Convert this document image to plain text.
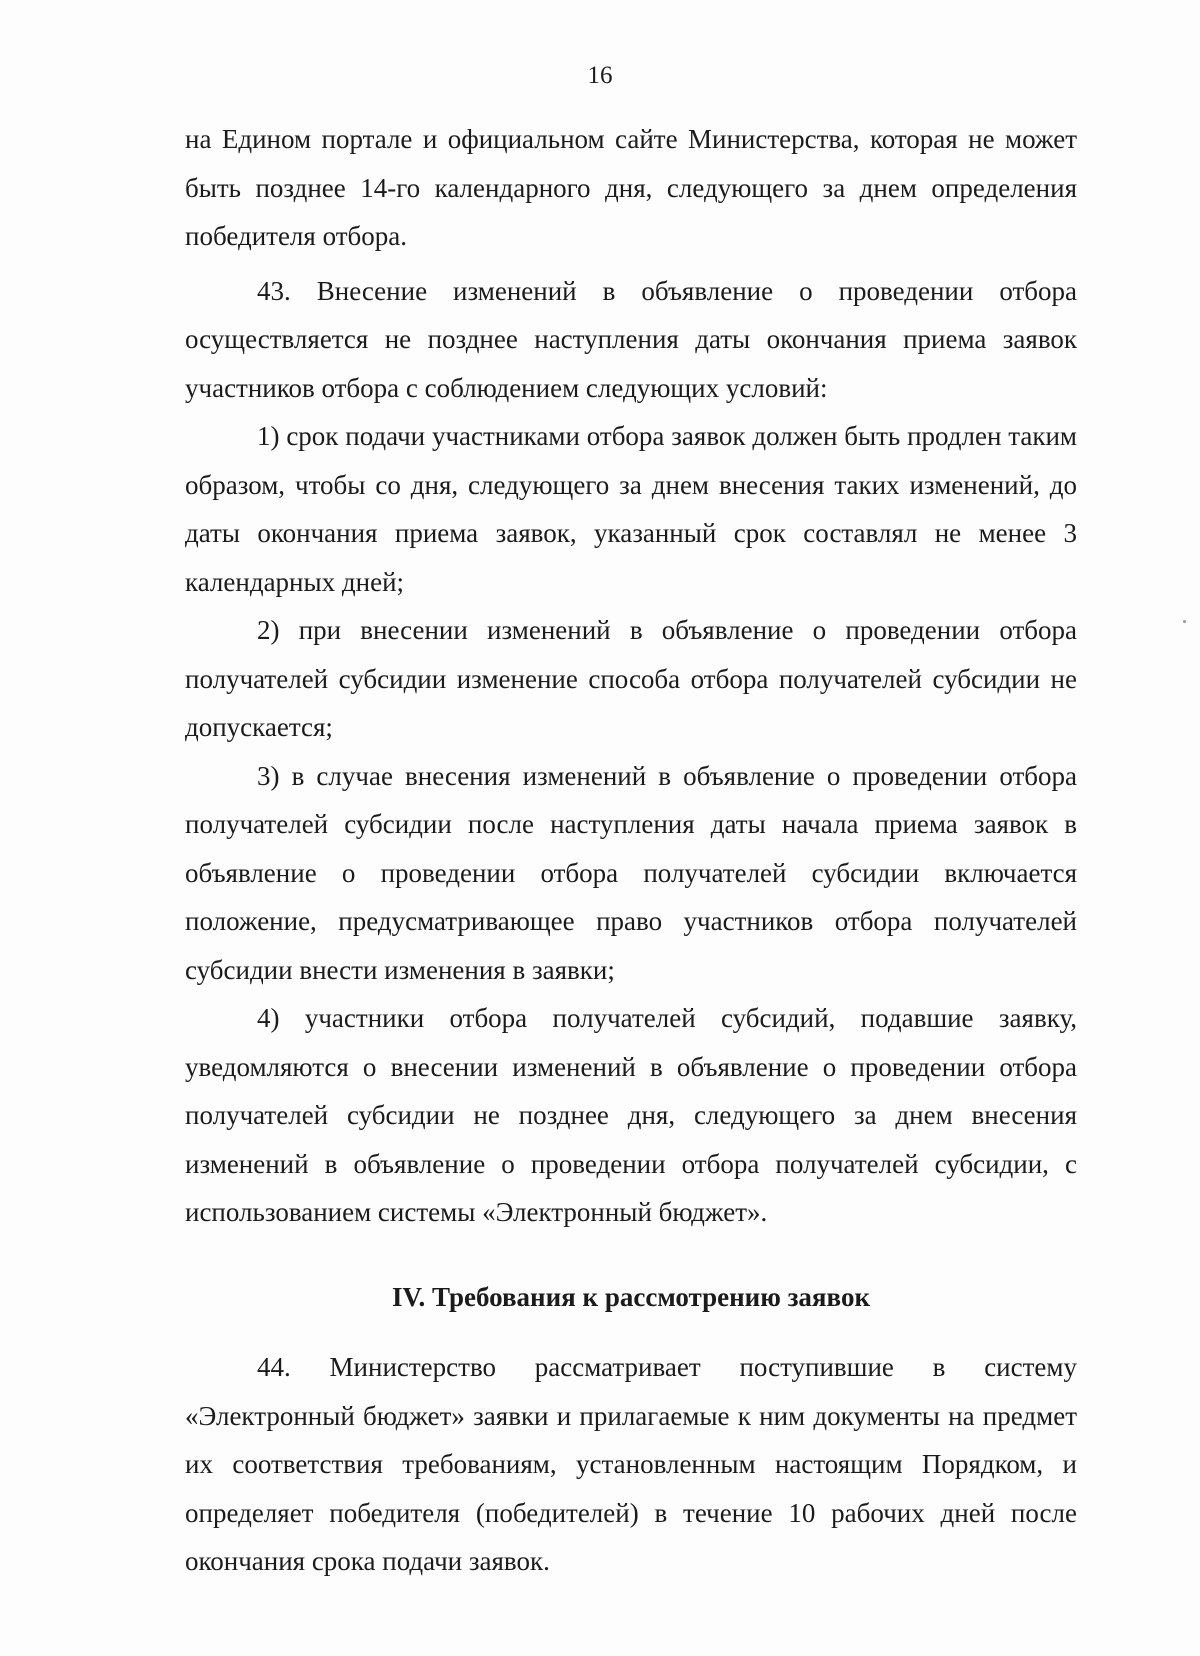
16

на Едином портале и официальном сайте Министерства, которая не может быть позднее 14-го календарного дня, следующего за днем определения победителя отбора.

43. Внесение изменений в объявление о проведении отбора осуществляется не позднее наступления даты окончания приема заявок участников отбора с соблюдением следующих условий:

1) срок подачи участниками отбора заявок должен быть продлен таким образом, чтобы со дня, следующего за днем внесения таких изменений, до даты окончания приема заявок, указанный срок составлял не менее 3 календарных дней;

2) при внесении изменений в объявление о проведении отбора получателей субсидии изменение способа отбора получателей субсидии не допускается;

3) в случае внесения изменений в объявление о проведении отбора получателей субсидии после наступления даты начала приема заявок в объявление о проведении отбора получателей субсидии включается положение, предусматривающее право участников отбора получателей субсидии внести изменения в заявки;

4) участники отбора получателей субсидий, подавшие заявку, уведомляются о внесении изменений в объявление о проведении отбора получателей субсидии не позднее дня, следующего за днем внесения изменений в объявление о проведении отбора получателей субсидии, с использованием системы «Электронный бюджет».

IV. Требования к рассмотрению заявок

44. Министерство рассматривает поступившие в систему «Электронный бюджет» заявки и прилагаемые к ним документы на предмет их соответствия требованиям, установленным настоящим Порядком, и определяет победителя (победителей) в течение 10 рабочих дней после окончания срока подачи заявок.
